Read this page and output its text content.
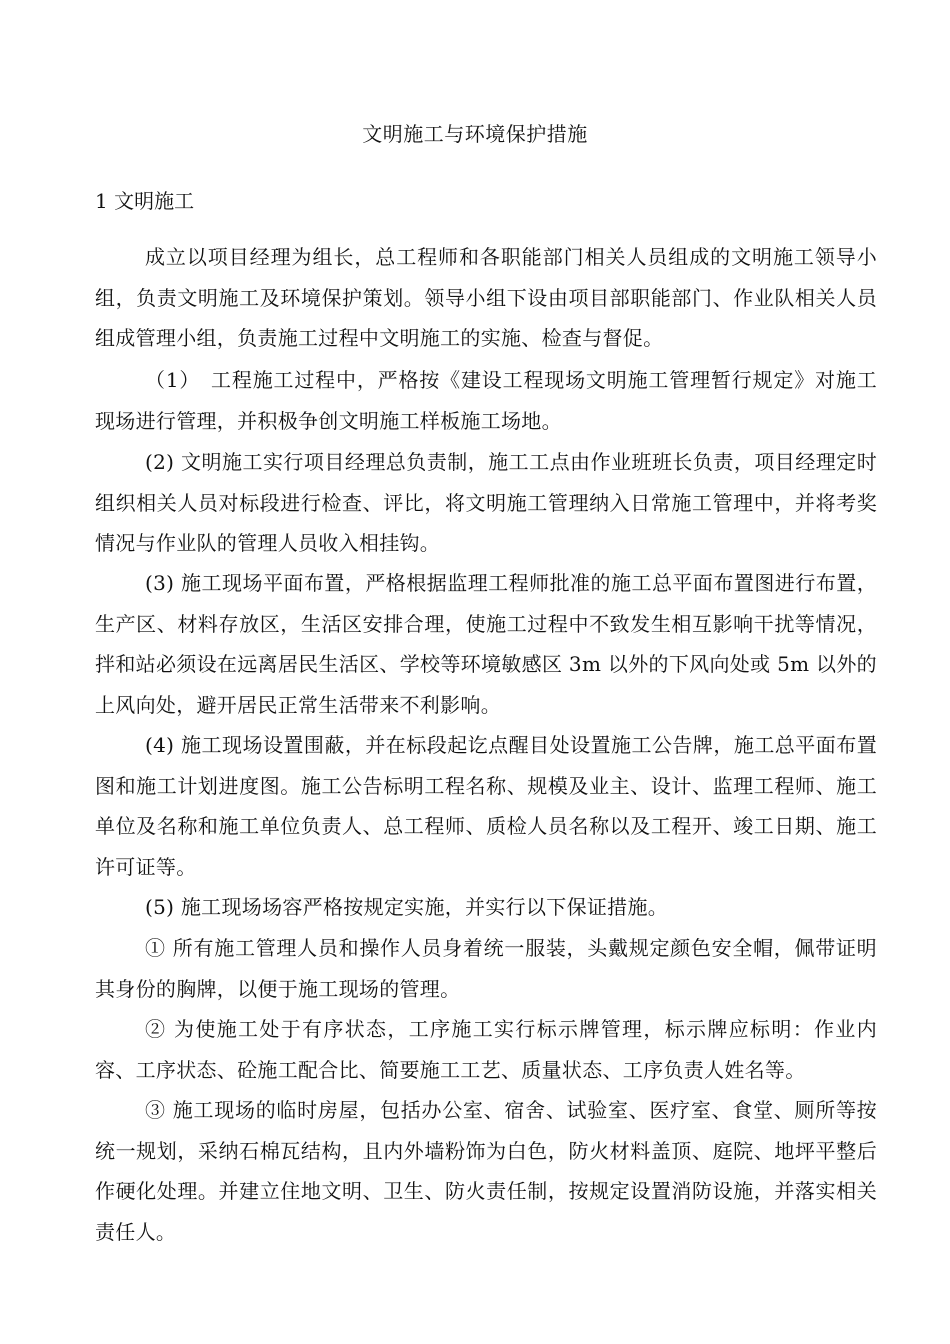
文明施工与环境保护措施
1 文明施工

成立以项目经理为组长，总工程师和各职能部门相关人员组成的文明施工领导小组，负责文明施工及环境保护策划。领导小组下设由项目部职能部门、作业队相关人员组成管理小组，负责施工过程中文明施工的实施、检查与督促。

（1）　工程施工过程中，严格按《建设工程现场文明施工管理暂行规定》对施工现场进行管理，并积极争创文明施工样板施工场地。

(2) 文明施工实行项目经理总负责制，施工工点由作业班班长负责，项目经理定时组织相关人员对标段进行检查、评比，将文明施工管理纳入日常施工管理中，并将考奖情况与作业队的管理人员收入相挂钩。

(3) 施工现场平面布置，严格根据监理工程师批准的施工总平面布置图进行布置，生产区、材料存放区，生活区安排合理，使施工过程中不致发生相互影响干扰等情况，拌和站必须设在远离居民生活区、学校等环境敏感区 3m 以外的下风向处或 5m 以外的上风向处，避开居民正常生活带来不利影响。

(4) 施工现场设置围蔽，并在标段起讫点醒目处设置施工公告牌，施工总平面布置图和施工计划进度图。施工公告标明工程名称、规模及业主、设计、监理工程师、施工单位及名称和施工单位负责人、总工程师、质检人员名称以及工程开、竣工日期、施工许可证等。

(5) 施工现场场容严格按规定实施，并实行以下保证措施。

① 所有施工管理人员和操作人员身着统一服装，头戴规定颜色安全帽，佩带证明其身份的胸牌，以便于施工现场的管理。

② 为使施工处于有序状态，工序施工实行标示牌管理，标示牌应标明：作业内容、工序状态、砼施工配合比、简要施工工艺、质量状态、工序负责人姓名等。

③ 施工现场的临时房屋，包括办公室、宿舍、试验室、医疗室、食堂、厕所等按统一规划，采纳石棉瓦结构，且内外墙粉饰为白色，防火材料盖顶、庭院、地坪平整后作硬化处理。并建立住地文明、卫生、防火责任制，按规定设置消防设施，并落实相关责任人。
